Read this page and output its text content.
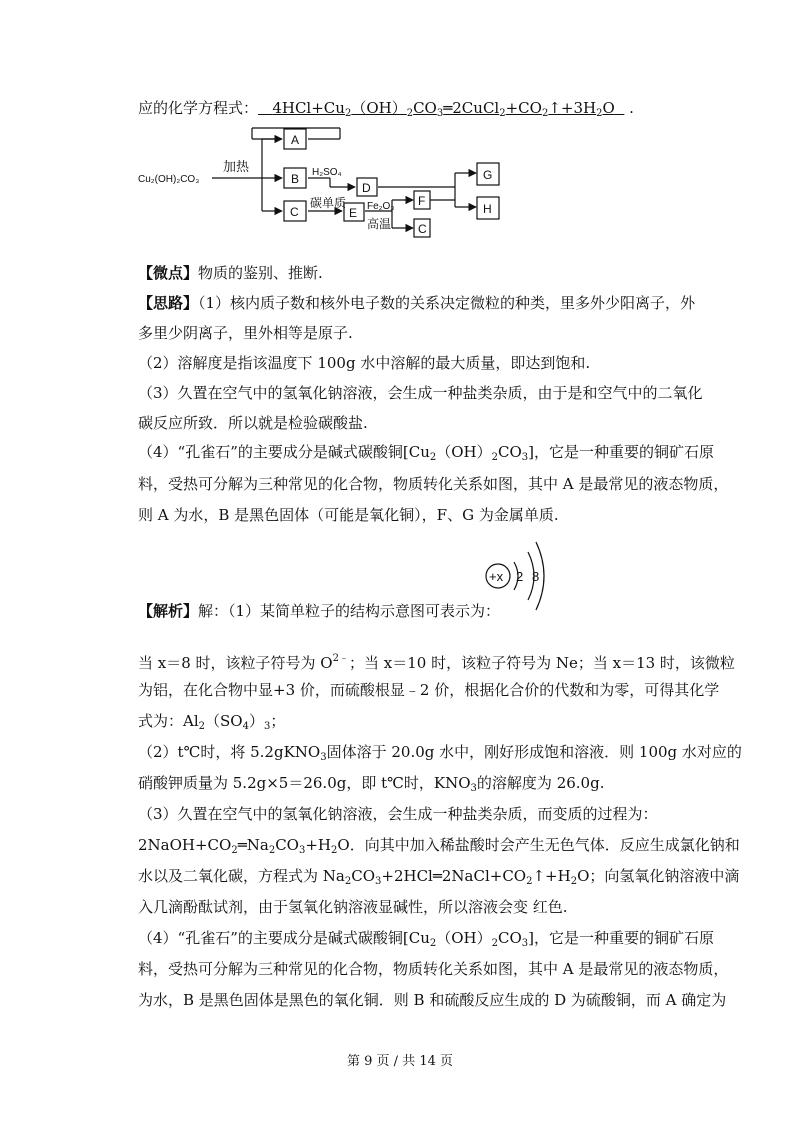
应的化学方程式： $4HCl+Cu_2(OH)_2CO_3═2CuCl_2+CO_2↑+3H_2O$ .
Cu₂(OH)₂CO₃
加热
A
B
C
D
E
F
G
H
C
H₂SO₄
碳单质 Fe₂O₃
高温
【微点】物质的鉴别、推断.
【思路】（1）核内质子数和核外电子数的关系决定微粒的种类，里多外少阳离子，外
多里少阴离子，里外相等是原子.
（2）溶解度是指该温度下 100g 水中溶解的最大质量，即达到饱和.
（3）久置在空气中的氢氧化钠溶液，会生成一种盐类杂质，由于是和空气中的二氧化
碳反应所致．所以就是检验碳酸盐.
（4）“孔雀石”的主要成分是碱式碳酸铜$[Cu_2(OH)_2CO_3]$，它是一种重要的铜矿石原
料，受热可分解为三种常见的化合物，物质转化关系如图，其中 A 是最常见的液态物质，
则 A 为水，B 是黑色固体（可能是氧化铜），F、G 为金属单质.
+x 2 8
【解析】解：（1）某简单粒子的结构示意图可表示为：
当 x＝8 时，该粒子符号为 $O^{2﹣}$；当 x＝10 时，该粒子符号为 Ne；当 x＝13 时，该微粒
为铝，在化合物中显+3 价，而硫酸根显﹣2 价，根据化合价的代数和为零，可得其化学
式为：$Al_2(SO_4)_3$；
（2）t℃时，将 5.2gKNO$_3$固体溶于 20.0g 水中，刚好形成饱和溶液．则 100g 水对应的
硝酸钾质量为 5.2g×5＝26.0g，即 t℃时，$KNO_3$的溶解度为 26.0g.
（3）久置在空气中的氢氧化钠溶液，会生成一种盐类杂质，而变质的过程为：
$2NaOH+CO_2═Na_2CO_3+H_2O$．向其中加入稀盐酸时会产生无色气体．反应生成氯化钠和
水以及二氧化碳，方程式为 $Na_2CO_3+2HCl═2NaCl+CO_2↑+H_2O$；向氢氧化钠溶液中滴
入几滴酚酞试剂，由于氢氧化钠溶液显碱性，所以溶液会变 红色.
（4）“孔雀石”的主要成分是碱式碳酸铜$[Cu_2(OH)_2CO_3]$，它是一种重要的铜矿石原
料，受热可分解为三种常见的化合物，物质转化关系如图，其中 A 是最常见的液态物质，
为水，B 是黑色固体是黑色的氧化铜．则 B 和硫酸反应生成的 D 为硫酸铜，而 A 确定为
第 9 页 / 共 14 页
